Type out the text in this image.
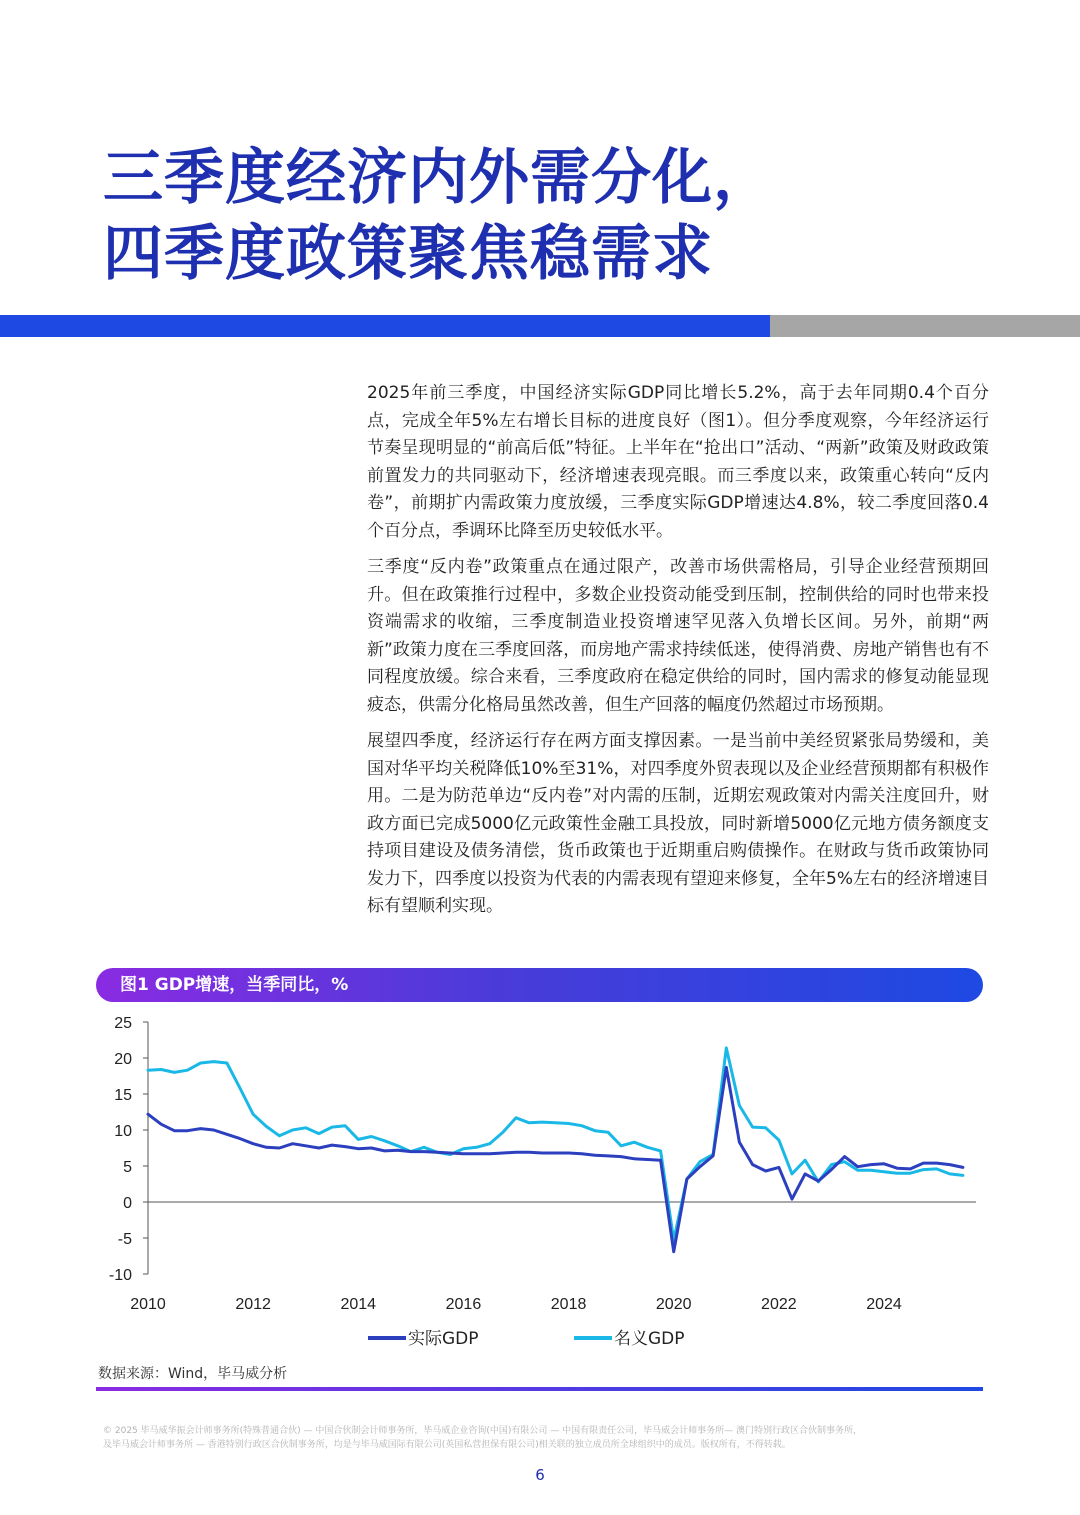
三季度经济内外需分化，
四季度政策聚焦稳需求

2025年前三季度，中国经济实际GDP同比增长5.2%，高于去年同期0.4个百分点，完成全年5%左右增长目标的进度良好（图1）。但分季度观察，今年经济运行节奏呈现明显的“前高后低”特征。上半年在“抢出口”活动、“两新”政策及财政政策前置发力的共同驱动下，经济增速表现亮眼。而三季度以来，政策重心转向“反内卷”，前期扩内需政策力度放缓，三季度实际GDP增速达4.8%，较二季度回落0.4个百分点，季调环比降至历史较低水平。

三季度“反内卷”政策重点在通过限产，改善市场供需格局，引导企业经营预期回升。但在政策推行过程中，多数企业投资动能受到压制，控制供给的同时也带来投资端需求的收缩，三季度制造业投资增速罕见落入负增长区间。另外，前期“两新”政策力度在三季度回落，而房地产需求持续低迷，使得消费、房地产销售也有不同程度放缓。综合来看，三季度政府在稳定供给的同时，国内需求的修复动能显现疲态，供需分化格局虽然改善，但生产回落的幅度仍然超过市场预期。

展望四季度，经济运行存在两方面支撑因素。一是当前中美经贸紧张局势缓和，美国对华平均关税降低10%至31%，对四季度外贸表现以及企业经营预期都有积极作用。二是为防范单边“反内卷”对内需的压制，近期宏观政策对内需关注度回升，财政方面已完成5000亿元政策性金融工具投放，同时新增5000亿元地方债务额度支持项目建设及债务清偿，货币政策也于近期重启购债操作。在财政与货币政策协同发力下，四季度以投资为代表的内需表现有望迎来修复，全年5%左右的经济增速目标有望顺利实现。

图1 GDP增速，当季同比，%
25
20
15
10
5
0
-5
-10
2010	2012	2014	2016	2018	2020	2022	2024
实际GDP	名义GDP
数据来源：Wind，毕马威分析
© 2025 毕马威华振会计师事务所(特殊普通合伙) — 中国合伙制会计师事务所，毕马威企业咨询(中国)有限公司 — 中国有限责任公司，毕马威会计师事务所— 澳门特别行政区合伙制事务所，
及毕马威会计师事务所 — 香港特别行政区合伙制事务所，均是与毕马威国际有限公司(英国私营担保有限公司)相关联的独立成员所全球组织中的成员。版权所有，不得转载。
6
